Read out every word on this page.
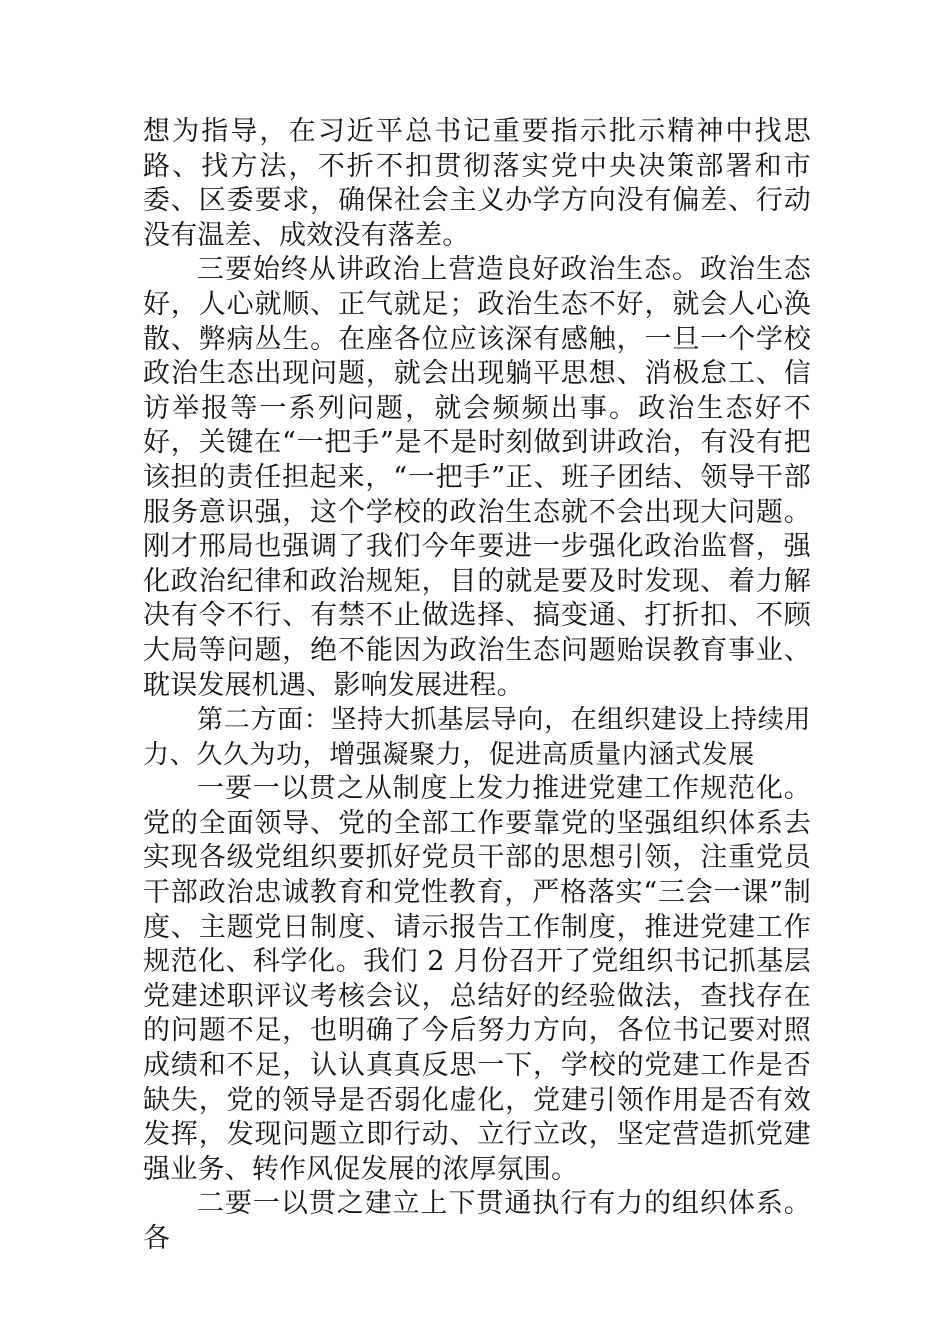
想为指导，在习近平总书记重要指示批示精神中找思路、找方法，不折不扣贯彻落实党中央决策部署和市委、区委要求，确保社会主义办学方向没有偏差、行动没有温差、成效没有落差。

三要始终从讲政治上营造良好政治生态。政治生态好，人心就顺、正气就足；政治生态不好，就会人心涣散、弊病丛生。在座各位应该深有感触，一旦一个学校政治生态出现问题，就会出现躺平思想、消极怠工、信访举报等一系列问题，就会频频出事。政治生态好不好，关键在“一把手”是不是时刻做到讲政治，有没有把该担的责任担起来，“一把手”正、班子团结、领导干部服务意识强，这个学校的政治生态就不会出现大问题。刚才邢局也强调了我们今年要进一步强化政治监督，强化政治纪律和政治规矩，目的就是要及时发现、着力解决有令不行、有禁不止做选择、搞变通、打折扣、不顾大局等问题，绝不能因为政治生态问题贻误教育事业、耽误发展机遇、影响发展进程。

第二方面：坚持大抓基层导向，在组织建设上持续用力、久久为功，增强凝聚力，促进高质量内涵式发展

一要一以贯之从制度上发力推进党建工作规范化。党的全面领导、党的全部工作要靠党的坚强组织体系去实现各级党组织要抓好党员干部的思想引领，注重党员干部政治忠诚教育和党性教育，严格落实“三会一课”制度、主题党日制度、请示报告工作制度，推进党建工作规范化、科学化。我们 2 月份召开了党组织书记抓基层党建述职评议考核会议，总结好的经验做法，查找存在的问题不足，也明确了今后努力方向，各位书记要对照成绩和不足，认认真真反思一下，学校的党建工作是否缺失，党的领导是否弱化虚化，党建引领作用是否有效发挥，发现问题立即行动、立行立改，坚定营造抓党建强业务、转作风促发展的浓厚氛围。

二要一以贯之建立上下贯通执行有力的组织体系。各
